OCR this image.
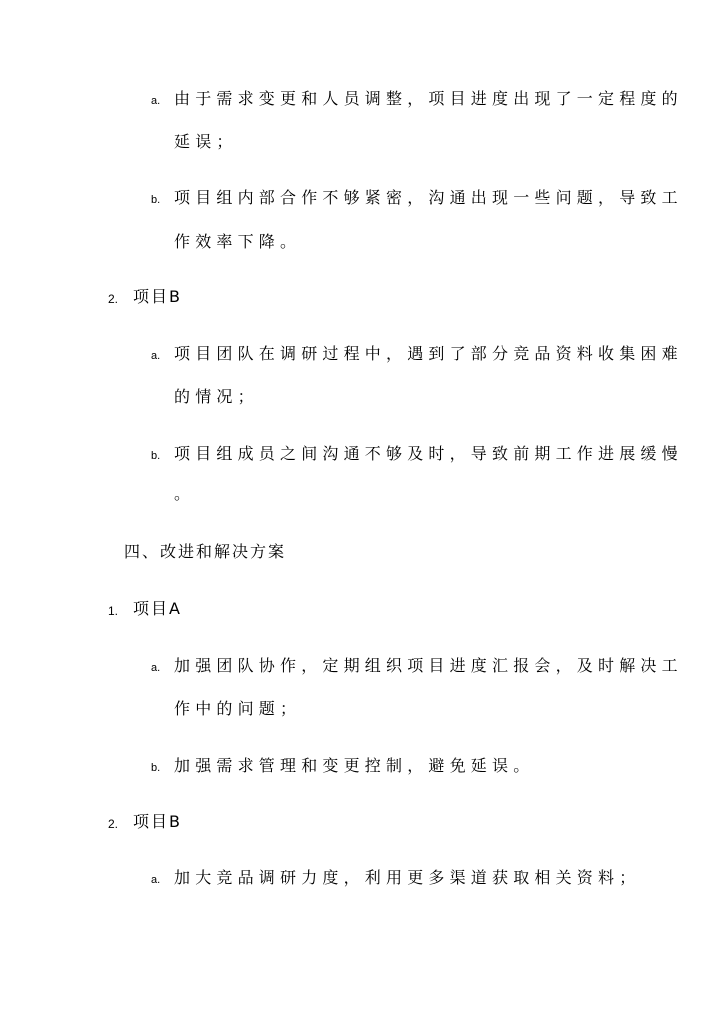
a. 由于需求变更和人员调整，项目进度出现了一定程度的
延误；
b. 项目组内部合作不够紧密，沟通出现一些问题，导致工
作效率下降。
2. 项目B
a. 项目团队在调研过程中，遇到了部分竞品资料收集困难
的情况；
b. 项目组成员之间沟通不够及时，导致前期工作进展缓慢
。
四、改进和解决方案
1. 项目A
a. 加强团队协作，定期组织项目进度汇报会，及时解决工
作中的问题；
b. 加强需求管理和变更控制，避免延误。
2. 项目B
a. 加大竞品调研力度，利用更多渠道获取相关资料；
